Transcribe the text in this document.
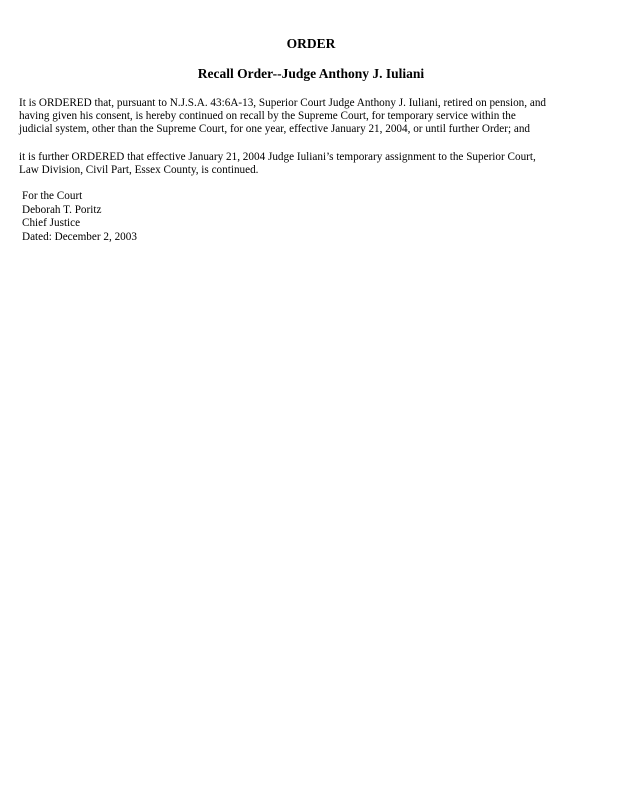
ORDER
Recall Order--Judge Anthony J. Iuliani

It is ORDERED that, pursuant to N.J.S.A. 43:6A-13, Superior Court Judge Anthony J. Iuliani, retired on pension, and
having given his consent, is hereby continued on recall by the Supreme Court, for temporary service within the
judicial system, other than the Supreme Court, for one year, effective January 21, 2004, or until further Order; and

it is further ORDERED that effective January 21, 2004 Judge Iuliani’s temporary assignment to the Superior Court,
Law Division, Civil Part, Essex County, is continued.

For the Court
Deborah T. Poritz
Chief Justice
Dated: December 2, 2003
